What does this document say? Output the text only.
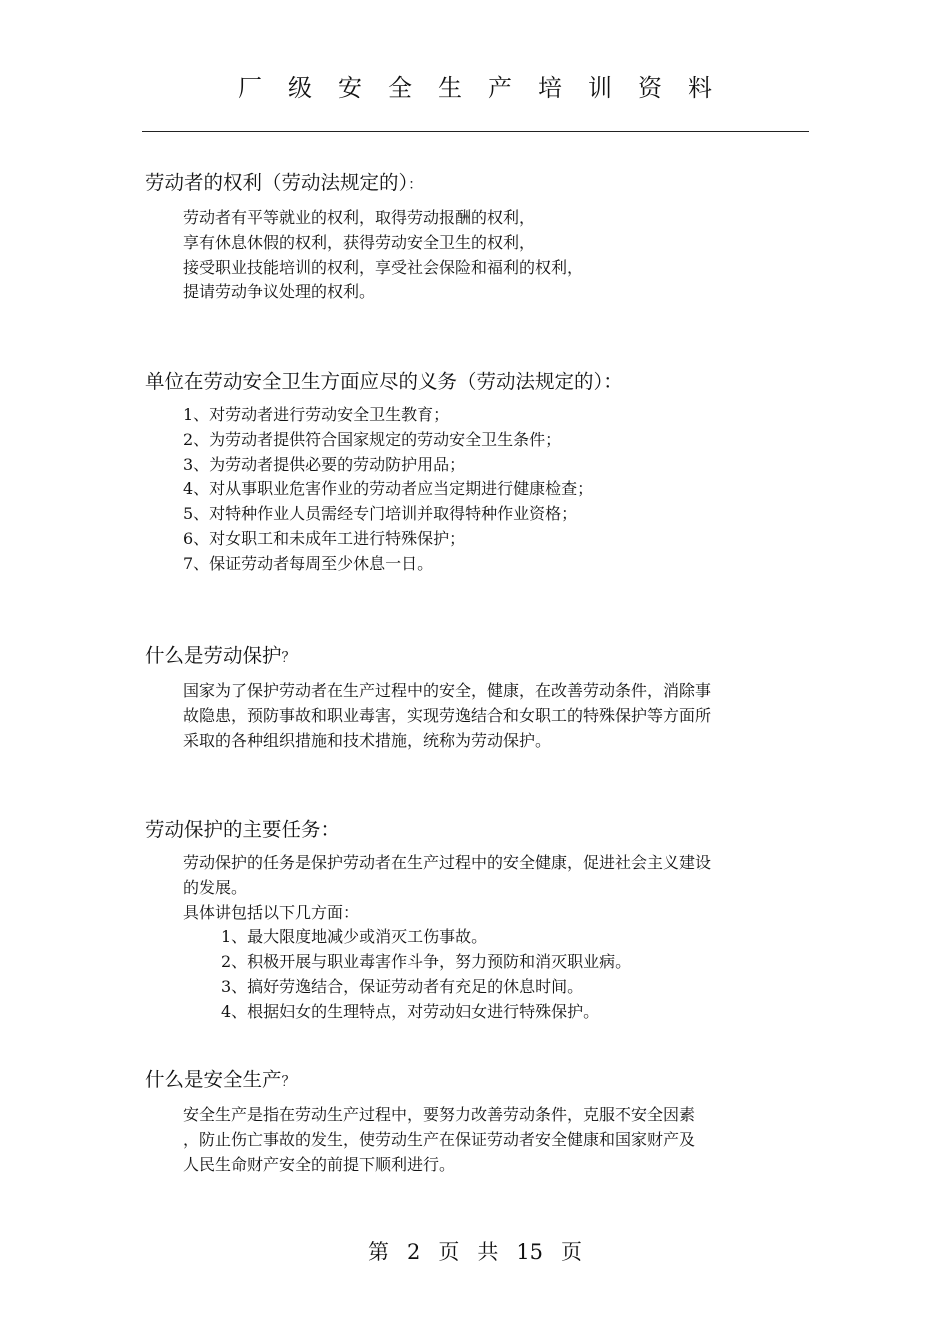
厂级安全生产培训资料
劳动者的权利（劳动法规定的）：

劳动者有平等就业的权利，取得劳动报酬的权利，

享有休息休假的权利，获得劳动安全卫生的权利，

接受职业技能培训的权利，享受社会保险和福利的权利，

提请劳动争议处理的权利。

单位在劳动安全卫生方面应尽的义务（劳动法规定的）：

1、对劳动者进行劳动安全卫生教育；

2、为劳动者提供符合国家规定的劳动安全卫生条件；

3、为劳动者提供必要的劳动防护用品；

4、对从事职业危害作业的劳动者应当定期进行健康检查；

5、对特种作业人员需经专门培训并取得特种作业资格；

6、对女职工和未成年工进行特殊保护；

7、保证劳动者每周至少休息一日。

什么是劳动保护？

国家为了保护劳动者在生产过程中的安全，健康，在改善劳动条件，消除事

故隐患，预防事故和职业毒害，实现劳逸结合和女职工的特殊保护等方面所

采取的各种组织措施和技术措施，统称为劳动保护。

劳动保护的主要任务：

劳动保护的任务是保护劳动者在生产过程中的安全健康，促进社会主义建设

的发展。

具体讲包括以下几方面：

1、最大限度地减少或消灭工伤事故。

2、积极开展与职业毒害作斗争，努力预防和消灭职业病。

3、搞好劳逸结合，保证劳动者有充足的休息时间。

4、根据妇女的生理特点，对劳动妇女进行特殊保护。

什么是安全生产？

安全生产是指在劳动生产过程中，要努力改善劳动条件，克服不安全因素

，防止伤亡事故的发生，使劳动生产在保证劳动者安全健康和国家财产及

人民生命财产安全的前提下顺利进行。

第 2 页 共 15 页
